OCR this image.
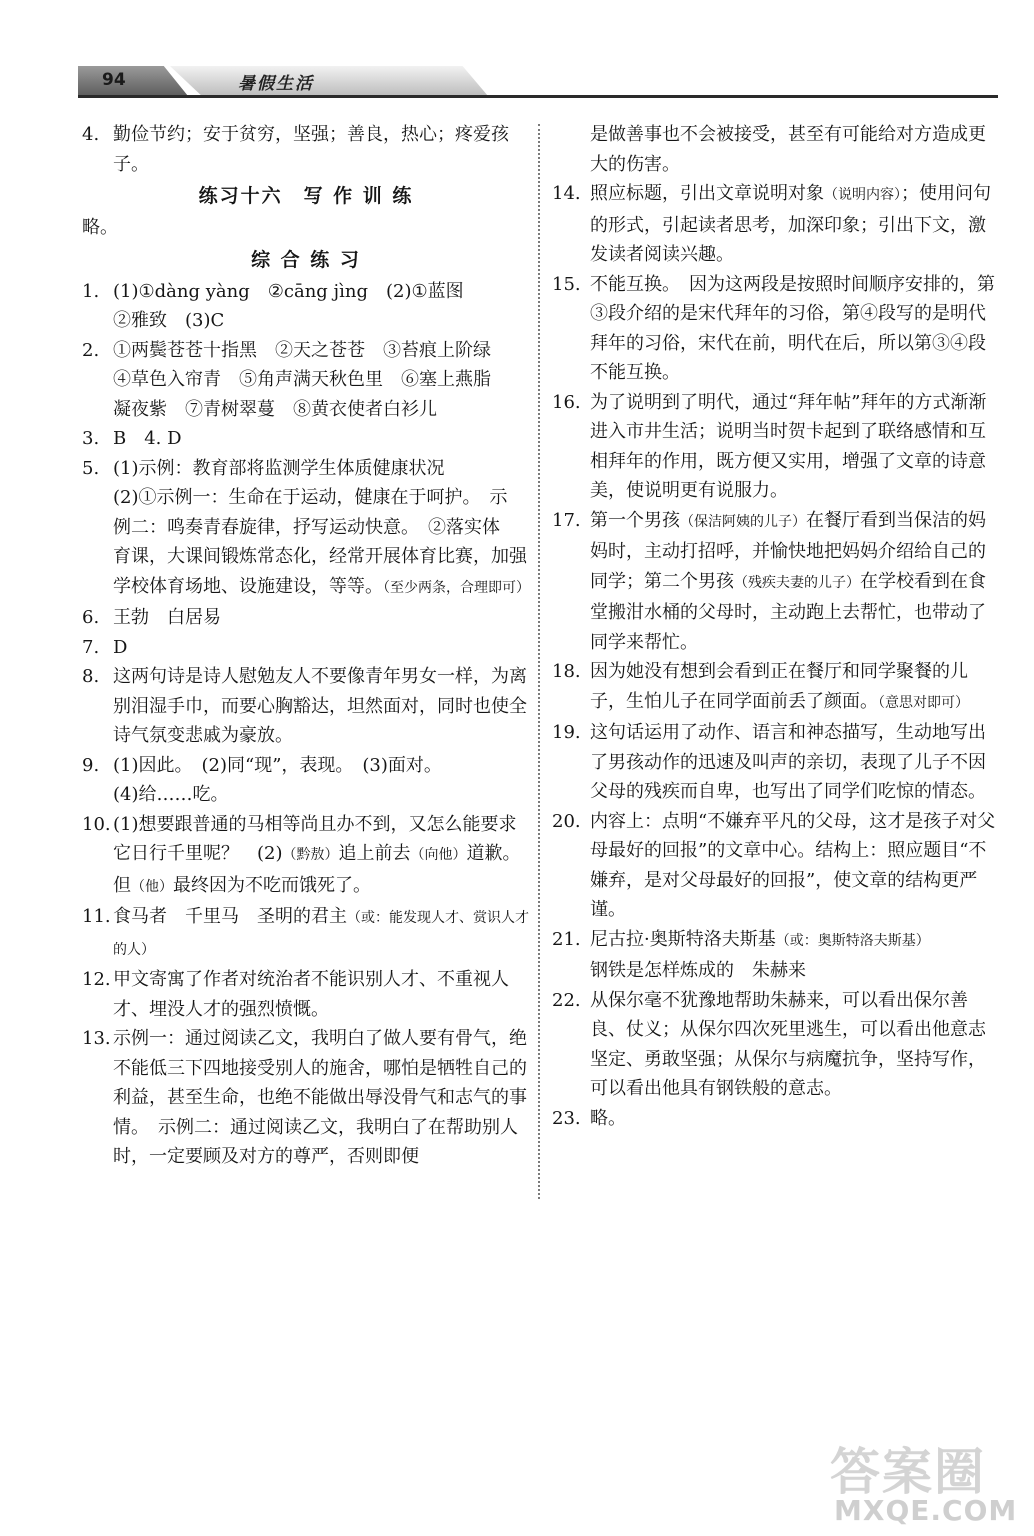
94	暑假生活
4. 勤俭节约；安于贫穷，坚强；善良，热心；疼爱孩子。
练习十六　写 作 训 练
略。
综 合 练 习
1. (1)①dàng yàng　②cāng jìng　(2)①蓝图
②雅致　(3)C
2. ①两鬓苍苍十指黑　②天之苍苍　③苔痕上阶绿
④草色入帘青　⑤角声满天秋色里　⑥塞上燕脂
凝夜紫　⑦青树翠蔓　⑧黄衣使者白衫儿
3. B　4. D
5. (1)示例：教育部将监测学生体质健康状况
(2)①示例一：生命在于运动，健康在于呵护。　示
例二：鸣奏青春旋律，抒写运动快意。　②落实体
育课，大课间锻炼常态化，经常开展体育比赛，加强
学校体育场地、设施建设，等等。（至少两条，合理即可）
6. 王勃　白居易
7. D
8. 这两句诗是诗人慰勉友人不要像青年男女一样，为离别泪湿手巾，而要心胸豁达，坦然面对，同时也使全诗气氛变悲戚为豪放。
9. (1)因此。　(2)同“现”，表现。　(3)面对。
(4)给……吃。
10. (1)想要跟普通的马相等尚且办不到，又怎么能要求它日行千里呢？　(2)（黔敖）追上前去（向他）道歉。但（他）最终因为不吃而饿死了。
11. 食马者　千里马　圣明的君主（或：能发现人才、赏识人才的人）
12. 甲文寄寓了作者对统治者不能识别人才、不重视人才、埋没人才的强烈愤慨。
13. 示例一：通过阅读乙文，我明白了做人要有骨气，绝不能低三下四地接受别人的施舍，哪怕是牺牲自己的利益，甚至生命，也绝不能做出辱没骨气和志气的事情。　示例二：通过阅读乙文，我明白了在帮助别人时，一定要顾及对方的尊严，否则即便
是做善事也不会被接受，甚至有可能给对方造成更大的伤害。
14. 照应标题，引出文章说明对象（说明内容）；使用问句的形式，引起读者思考，加深印象；引出下文，激发读者阅读兴趣。
15. 不能互换。　因为这两段是按照时间顺序安排的，第③段介绍的是宋代拜年的习俗，第④段写的是明代拜年的习俗，宋代在前，明代在后，所以第③④段不能互换。
16. 为了说明到了明代，通过“拜年帖”拜年的方式渐渐进入市井生活；说明当时贺卡起到了联络感情和互相拜年的作用，既方便又实用，增强了文章的诗意美，使说明更有说服力。
17. 第一个男孩（保洁阿姨的儿子）在餐厅看到当保洁的妈妈时，主动打招呼，并愉快地把妈妈介绍给自己的同学；第二个男孩（残疾夫妻的儿子）在学校看到在食堂搬泔水桶的父母时，主动跑上去帮忙，也带动了同学来帮忙。
18. 因为她没有想到会看到正在餐厅和同学聚餐的儿子，生怕儿子在同学面前丢了颜面。（意思对即可）
19. 这句话运用了动作、语言和神态描写，生动地写出了男孩动作的迅速及叫声的亲切，表现了儿子不因父母的残疾而自卑，也写出了同学们吃惊的情态。
20. 内容上：点明“不嫌弃平凡的父母，这才是孩子对父母最好的回报”的文章中心。结构上：照应题目“不嫌弃，是对父母最好的回报”，使文章的结构更严谨。
21. 尼古拉·奥斯特洛夫斯基（或：奥斯特洛夫斯基）
钢铁是怎样炼成的　朱赫来
22. 从保尔毫不犹豫地帮助朱赫来，可以看出保尔善良、仗义；从保尔四次死里逃生，可以看出他意志坚定、勇敢坚强；从保尔与病魔抗争，坚持写作，可以看出他具有钢铁般的意志。
23. 略。
答案圈
MXQE.COM
